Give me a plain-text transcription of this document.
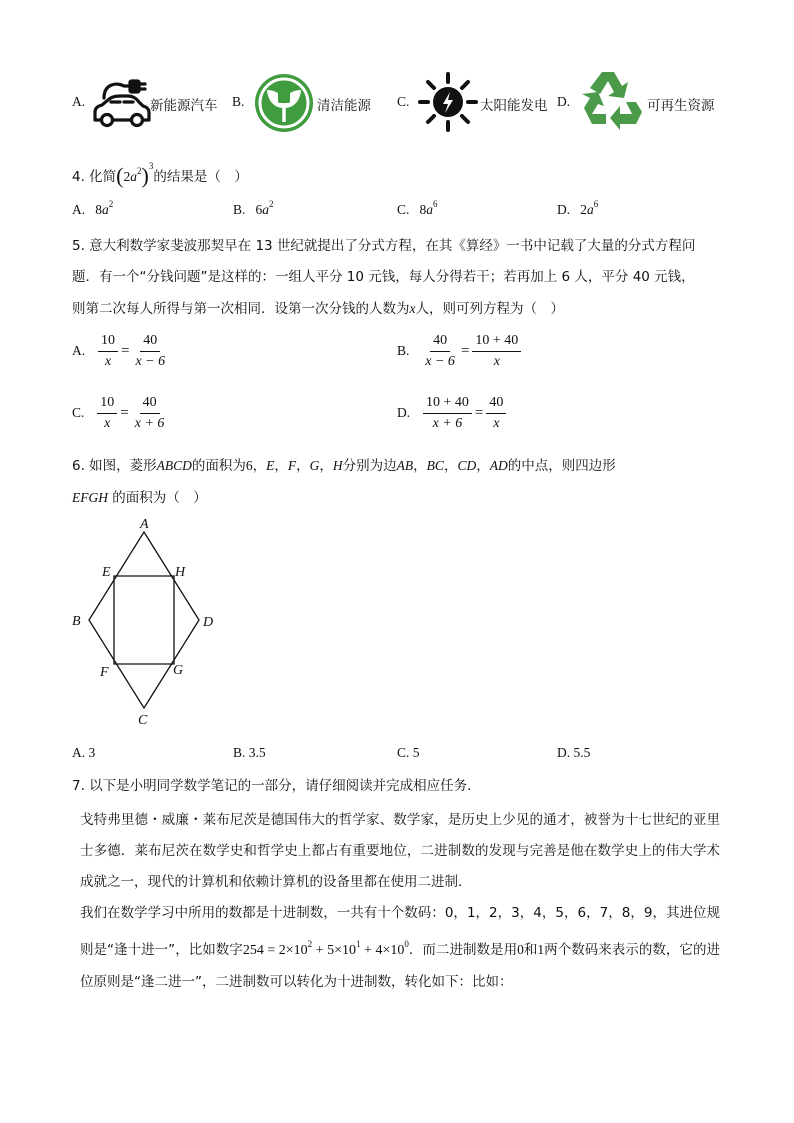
A.	新能源汽车 B.	清洁能源 C.	太阳能发电 D.	可再生资源
4. 化简$(2a^2)^3$的结果是（　）
A. $8a^2$	B. $6a^2$	C. $8a^6$	D. $2a^6$
5. 意大利数学家斐波那契早在 13 世纪就提出了分式方程，在其《算经》一书中记载了大量的分式方程问
题．有一个“分钱问题”是这样的：一组人平分 10 元钱，每人分得若干；若再加上 6 人，平分 40 元钱，
则第二次每人所得与第一次相同．设第一次分钱的人数为x人，则可列方程为（　）
A. $\frac{10}{x} = \frac{40}{x - 6}$	B. $\frac{40}{x - 6} = \frac{10 + 40}{x}$
C. $\frac{10}{x} = \frac{40}{x + 6}$	D. $\frac{10 + 40}{x + 6} = \frac{40}{x}$
6. 如图，菱形ABCD的面积为6，E，F，G，H分别为边AB，BC，CD，AD的中点，则四边形
EFGH 的面积为（　）
A
B
C
D
E
F	G
H
A. 3	B. 3.5	C. 5	D. 5.5
7. 以下是小明同学数学笔记的一部分，请仔细阅读并完成相应任务．
戈特弗里德・威廉・莱布尼茨是德国伟大的哲学家、数学家，是历史上少见的通才，被誉为十七世纪的亚里士多德．莱布尼茨在数学史和哲学史上都占有重要地位，二进制数的发现与完善是他在数学史上的伟大学术成就之一，现代的计算机和依赖计算机的设备里都在使用二进制．
我们在数学学习中所用的数都是十进制数，一共有十个数码：0，1，2，3，4，5，6，7，8，9，其进位规则是“逢十进一”，比如数字$254 = 2\times 10^2 + 5\times 10^1 + 4\times 10^0$．而二进制数是用0和1两个数码来表示的数，它的进位原则是“逢二进一”，二进制数可以转化为十进制数，转化如下：比如：
